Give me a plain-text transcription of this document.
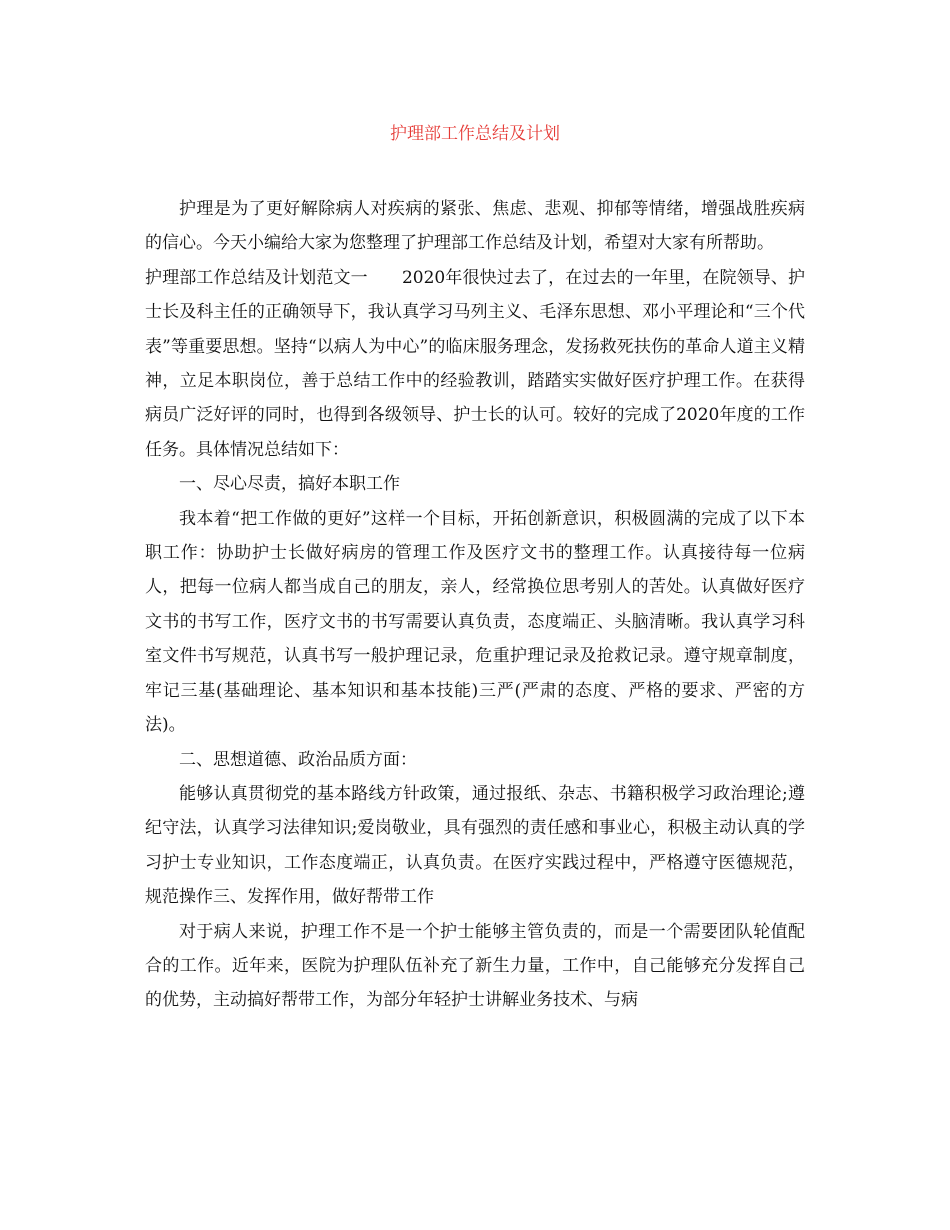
护理部工作总结及计划

护理是为了更好解除病人对疾病的紧张、焦虑、悲观、抑郁等情绪，增强战胜疾病的信心。今天小编给大家为您整理了护理部工作总结及计划，希望对大家有所帮助。

护理部工作总结及计划范文一　　2020年很快过去了，在过去的一年里，在院领导、护士长及科主任的正确领导下，我认真学习马列主义、毛泽东思想、邓小平理论和“三个代表”等重要思想。坚持“以病人为中心”的临床服务理念，发扬救死扶伤的革命人道主义精神，立足本职岗位，善于总结工作中的经验教训，踏踏实实做好医疗护理工作。在获得病员广泛好评的同时，也得到各级领导、护士长的认可。较好的完成了2020年度的工作任务。具体情况总结如下：

一、尽心尽责，搞好本职工作

我本着“把工作做的更好”这样一个目标，开拓创新意识，积极圆满的完成了以下本职工作：协助护士长做好病房的管理工作及医疗文书的整理工作。认真接待每一位病人，把每一位病人都当成自己的朋友，亲人，经常换位思考别人的苦处。认真做好医疗文书的书写工作，医疗文书的书写需要认真负责，态度端正、头脑清晰。我认真学习科室文件书写规范，认真书写一般护理记录，危重护理记录及抢救记录。遵守规章制度，牢记三基(基础理论、基本知识和基本技能)三严(严肃的态度、严格的要求、严密的方法)。

二、思想道德、政治品质方面：

能够认真贯彻党的基本路线方针政策，通过报纸、杂志、书籍积极学习政治理论;遵纪守法，认真学习法律知识;爱岗敬业，具有强烈的责任感和事业心，积极主动认真的学习护士专业知识，工作态度端正，认真负责。在医疗实践过程中，严格遵守医德规范，规范操作三、发挥作用，做好帮带工作

对于病人来说，护理工作不是一个护士能够主管负责的，而是一个需要团队轮值配合的工作。近年来，医院为护理队伍补充了新生力量，工作中，自己能够充分发挥自己的优势，主动搞好帮带工作，为部分年轻护士讲解业务技术、与病
